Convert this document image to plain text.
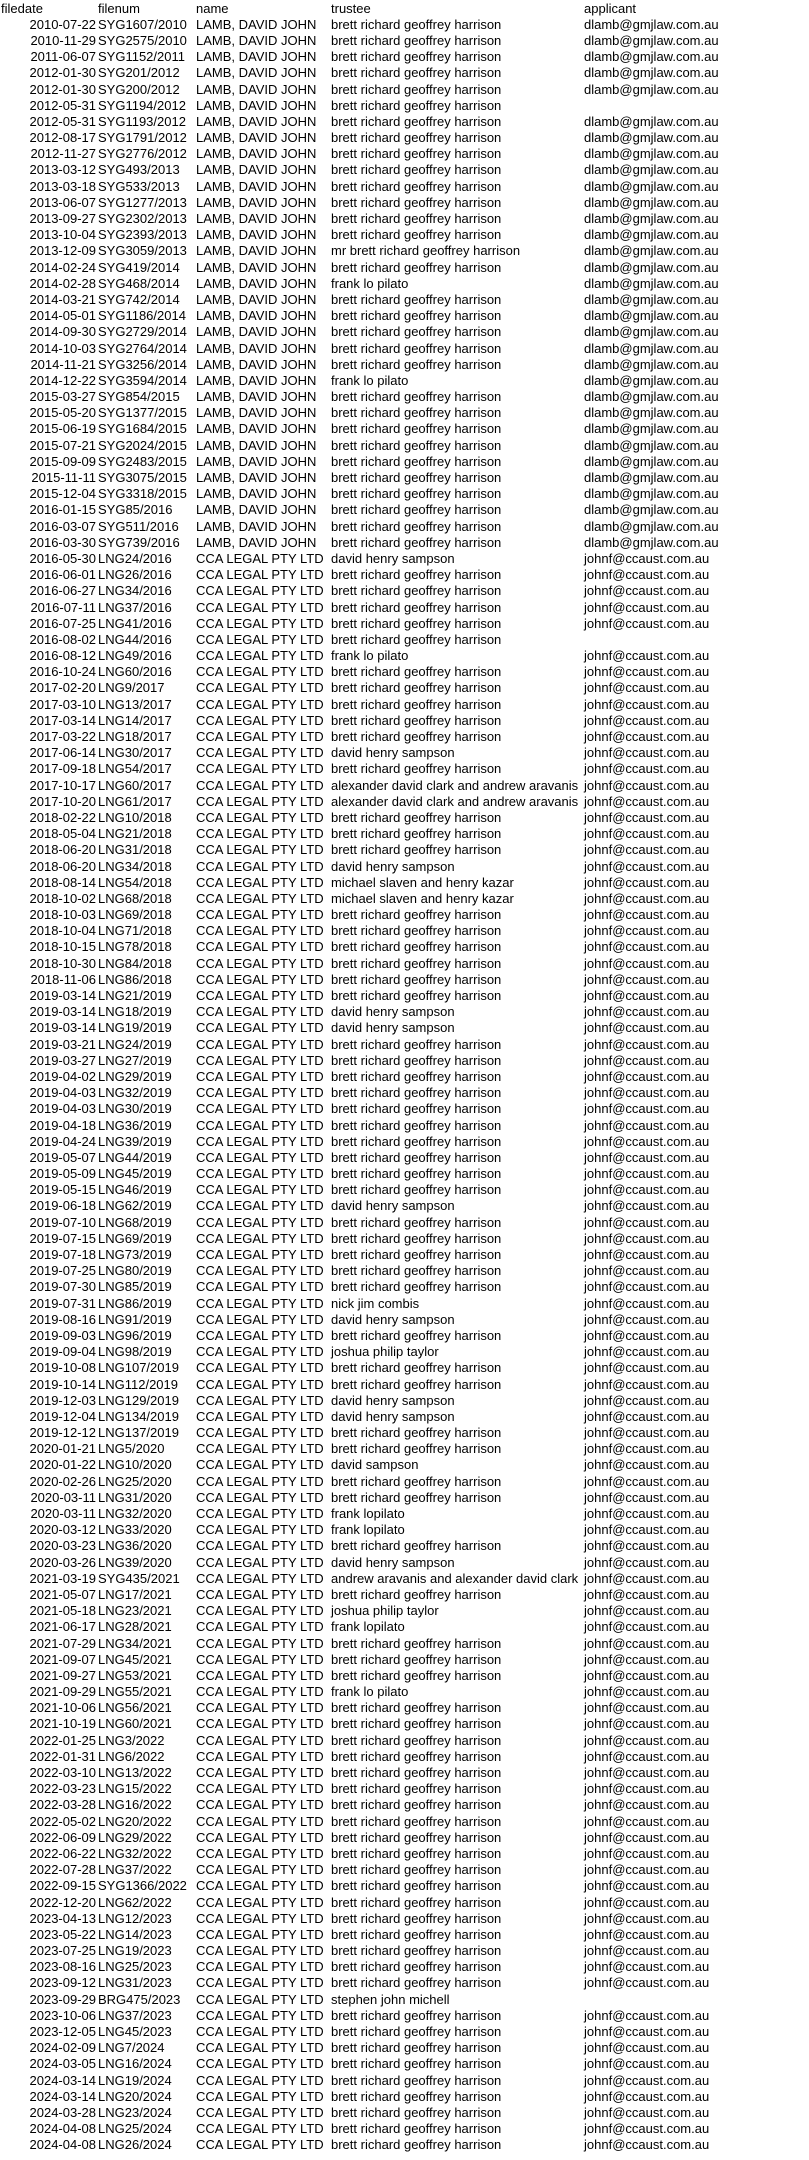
filedate	filenum	name	trustee	applicant
2010-07-22	SYG1607/2010	LAMB, DAVID JOHN	brett richard geoffrey harrison	dlamb@gmjlaw.com.au
2010-11-29	SYG2575/2010	LAMB, DAVID JOHN	brett richard geoffrey harrison	dlamb@gmjlaw.com.au
2011-06-07	SYG1152/2011	LAMB, DAVID JOHN	brett richard geoffrey harrison	dlamb@gmjlaw.com.au
2012-01-30	SYG201/2012	LAMB, DAVID JOHN	brett richard geoffrey harrison	dlamb@gmjlaw.com.au
2012-01-30	SYG200/2012	LAMB, DAVID JOHN	brett richard geoffrey harrison	dlamb@gmjlaw.com.au
2012-05-31	SYG1194/2012	LAMB, DAVID JOHN	brett richard geoffrey harrison	
2012-05-31	SYG1193/2012	LAMB, DAVID JOHN	brett richard geoffrey harrison	dlamb@gmjlaw.com.au
2012-08-17	SYG1791/2012	LAMB, DAVID JOHN	brett richard geoffrey harrison	dlamb@gmjlaw.com.au
2012-11-27	SYG2776/2012	LAMB, DAVID JOHN	brett richard geoffrey harrison	dlamb@gmjlaw.com.au
2013-03-12	SYG493/2013	LAMB, DAVID JOHN	brett richard geoffrey harrison	dlamb@gmjlaw.com.au
2013-03-18	SYG533/2013	LAMB, DAVID JOHN	brett richard geoffrey harrison	dlamb@gmjlaw.com.au
2013-06-07	SYG1277/2013	LAMB, DAVID JOHN	brett richard geoffrey harrison	dlamb@gmjlaw.com.au
2013-09-27	SYG2302/2013	LAMB, DAVID JOHN	brett richard geoffrey harrison	dlamb@gmjlaw.com.au
2013-10-04	SYG2393/2013	LAMB, DAVID JOHN	brett richard geoffrey harrison	dlamb@gmjlaw.com.au
2013-12-09	SYG3059/2013	LAMB, DAVID JOHN	mr brett richard geoffrey harrison	dlamb@gmjlaw.com.au
2014-02-24	SYG419/2014	LAMB, DAVID JOHN	brett richard geoffrey harrison	dlamb@gmjlaw.com.au
2014-02-28	SYG468/2014	LAMB, DAVID JOHN	frank lo pilato	dlamb@gmjlaw.com.au
2014-03-21	SYG742/2014	LAMB, DAVID JOHN	brett richard geoffrey harrison	dlamb@gmjlaw.com.au
2014-05-01	SYG1186/2014	LAMB, DAVID JOHN	brett richard geoffrey harrison	dlamb@gmjlaw.com.au
2014-09-30	SYG2729/2014	LAMB, DAVID JOHN	brett richard geoffrey harrison	dlamb@gmjlaw.com.au
2014-10-03	SYG2764/2014	LAMB, DAVID JOHN	brett richard geoffrey harrison	dlamb@gmjlaw.com.au
2014-11-21	SYG3256/2014	LAMB, DAVID JOHN	brett richard geoffrey harrison	dlamb@gmjlaw.com.au
2014-12-22	SYG3594/2014	LAMB, DAVID JOHN	frank lo pilato	dlamb@gmjlaw.com.au
2015-03-27	SYG854/2015	LAMB, DAVID JOHN	brett richard geoffrey harrison	dlamb@gmjlaw.com.au
2015-05-20	SYG1377/2015	LAMB, DAVID JOHN	brett richard geoffrey harrison	dlamb@gmjlaw.com.au
2015-06-19	SYG1684/2015	LAMB, DAVID JOHN	brett richard geoffrey harrison	dlamb@gmjlaw.com.au
2015-07-21	SYG2024/2015	LAMB, DAVID JOHN	brett richard geoffrey harrison	dlamb@gmjlaw.com.au
2015-09-09	SYG2483/2015	LAMB, DAVID JOHN	brett richard geoffrey harrison	dlamb@gmjlaw.com.au
2015-11-11	SYG3075/2015	LAMB, DAVID JOHN	brett richard geoffrey harrison	dlamb@gmjlaw.com.au
2015-12-04	SYG3318/2015	LAMB, DAVID JOHN	brett richard geoffrey harrison	dlamb@gmjlaw.com.au
2016-01-15	SYG85/2016	LAMB, DAVID JOHN	brett richard geoffrey harrison	dlamb@gmjlaw.com.au
2016-03-07	SYG511/2016	LAMB, DAVID JOHN	brett richard geoffrey harrison	dlamb@gmjlaw.com.au
2016-03-30	SYG739/2016	LAMB, DAVID JOHN	brett richard geoffrey harrison	dlamb@gmjlaw.com.au
2016-05-30	LNG24/2016	CCA LEGAL PTY LTD	david henry sampson	johnf@ccaust.com.au
2016-06-01	LNG26/2016	CCA LEGAL PTY LTD	brett richard geoffrey harrison	johnf@ccaust.com.au
2016-06-27	LNG34/2016	CCA LEGAL PTY LTD	brett richard geoffrey harrison	johnf@ccaust.com.au
2016-07-11	LNG37/2016	CCA LEGAL PTY LTD	brett richard geoffrey harrison	johnf@ccaust.com.au
2016-07-25	LNG41/2016	CCA LEGAL PTY LTD	brett richard geoffrey harrison	johnf@ccaust.com.au
2016-08-02	LNG44/2016	CCA LEGAL PTY LTD	brett richard geoffrey harrison	
2016-08-12	LNG49/2016	CCA LEGAL PTY LTD	frank lo pilato	johnf@ccaust.com.au
2016-10-24	LNG60/2016	CCA LEGAL PTY LTD	brett richard geoffrey harrison	johnf@ccaust.com.au
2017-02-20	LNG9/2017	CCA LEGAL PTY LTD	brett richard geoffrey harrison	johnf@ccaust.com.au
2017-03-10	LNG13/2017	CCA LEGAL PTY LTD	brett richard geoffrey harrison	johnf@ccaust.com.au
2017-03-14	LNG14/2017	CCA LEGAL PTY LTD	brett richard geoffrey harrison	johnf@ccaust.com.au
2017-03-22	LNG18/2017	CCA LEGAL PTY LTD	brett richard geoffrey harrison	johnf@ccaust.com.au
2017-06-14	LNG30/2017	CCA LEGAL PTY LTD	david henry sampson	johnf@ccaust.com.au
2017-09-18	LNG54/2017	CCA LEGAL PTY LTD	brett richard geoffrey harrison	johnf@ccaust.com.au
2017-10-17	LNG60/2017	CCA LEGAL PTY LTD	alexander david clark and andrew aravanis	johnf@ccaust.com.au
2017-10-20	LNG61/2017	CCA LEGAL PTY LTD	alexander david clark and andrew aravanis	johnf@ccaust.com.au
2018-02-22	LNG10/2018	CCA LEGAL PTY LTD	brett richard geoffrey harrison	johnf@ccaust.com.au
2018-05-04	LNG21/2018	CCA LEGAL PTY LTD	brett richard geoffrey harrison	johnf@ccaust.com.au
2018-06-20	LNG31/2018	CCA LEGAL PTY LTD	brett richard geoffrey harrison	johnf@ccaust.com.au
2018-06-20	LNG34/2018	CCA LEGAL PTY LTD	david henry sampson	johnf@ccaust.com.au
2018-08-14	LNG54/2018	CCA LEGAL PTY LTD	michael slaven and henry kazar	johnf@ccaust.com.au
2018-10-02	LNG68/2018	CCA LEGAL PTY LTD	michael slaven and henry kazar	johnf@ccaust.com.au
2018-10-03	LNG69/2018	CCA LEGAL PTY LTD	brett richard geoffrey harrison	johnf@ccaust.com.au
2018-10-04	LNG71/2018	CCA LEGAL PTY LTD	brett richard geoffrey harrison	johnf@ccaust.com.au
2018-10-15	LNG78/2018	CCA LEGAL PTY LTD	brett richard geoffrey harrison	johnf@ccaust.com.au
2018-10-30	LNG84/2018	CCA LEGAL PTY LTD	brett richard geoffrey harrison	johnf@ccaust.com.au
2018-11-06	LNG86/2018	CCA LEGAL PTY LTD	brett richard geoffrey harrison	johnf@ccaust.com.au
2019-03-14	LNG21/2019	CCA LEGAL PTY LTD	brett richard geoffrey harrison	johnf@ccaust.com.au
2019-03-14	LNG18/2019	CCA LEGAL PTY LTD	david henry sampson	johnf@ccaust.com.au
2019-03-14	LNG19/2019	CCA LEGAL PTY LTD	david henry sampson	johnf@ccaust.com.au
2019-03-21	LNG24/2019	CCA LEGAL PTY LTD	brett richard geoffrey harrison	johnf@ccaust.com.au
2019-03-27	LNG27/2019	CCA LEGAL PTY LTD	brett richard geoffrey harrison	johnf@ccaust.com.au
2019-04-02	LNG29/2019	CCA LEGAL PTY LTD	brett richard geoffrey harrison	johnf@ccaust.com.au
2019-04-03	LNG32/2019	CCA LEGAL PTY LTD	brett richard geoffrey harrison	johnf@ccaust.com.au
2019-04-03	LNG30/2019	CCA LEGAL PTY LTD	brett richard geoffrey harrison	johnf@ccaust.com.au
2019-04-18	LNG36/2019	CCA LEGAL PTY LTD	brett richard geoffrey harrison	johnf@ccaust.com.au
2019-04-24	LNG39/2019	CCA LEGAL PTY LTD	brett richard geoffrey harrison	johnf@ccaust.com.au
2019-05-07	LNG44/2019	CCA LEGAL PTY LTD	brett richard geoffrey harrison	johnf@ccaust.com.au
2019-05-09	LNG45/2019	CCA LEGAL PTY LTD	brett richard geoffrey harrison	johnf@ccaust.com.au
2019-05-15	LNG46/2019	CCA LEGAL PTY LTD	brett richard geoffrey harrison	johnf@ccaust.com.au
2019-06-18	LNG62/2019	CCA LEGAL PTY LTD	david henry sampson	johnf@ccaust.com.au
2019-07-10	LNG68/2019	CCA LEGAL PTY LTD	brett richard geoffrey harrison	johnf@ccaust.com.au
2019-07-15	LNG69/2019	CCA LEGAL PTY LTD	brett richard geoffrey harrison	johnf@ccaust.com.au
2019-07-18	LNG73/2019	CCA LEGAL PTY LTD	brett richard geoffrey harrison	johnf@ccaust.com.au
2019-07-25	LNG80/2019	CCA LEGAL PTY LTD	brett richard geoffrey harrison	johnf@ccaust.com.au
2019-07-30	LNG85/2019	CCA LEGAL PTY LTD	brett richard geoffrey harrison	johnf@ccaust.com.au
2019-07-31	LNG86/2019	CCA LEGAL PTY LTD	nick jim combis	johnf@ccaust.com.au
2019-08-16	LNG91/2019	CCA LEGAL PTY LTD	david henry sampson	johnf@ccaust.com.au
2019-09-03	LNG96/2019	CCA LEGAL PTY LTD	brett richard geoffrey harrison	johnf@ccaust.com.au
2019-09-04	LNG98/2019	CCA LEGAL PTY LTD	joshua philip taylor	johnf@ccaust.com.au
2019-10-08	LNG107/2019	CCA LEGAL PTY LTD	brett richard geoffrey harrison	johnf@ccaust.com.au
2019-10-14	LNG112/2019	CCA LEGAL PTY LTD	brett richard geoffrey harrison	johnf@ccaust.com.au
2019-12-03	LNG129/2019	CCA LEGAL PTY LTD	david henry sampson	johnf@ccaust.com.au
2019-12-04	LNG134/2019	CCA LEGAL PTY LTD	david henry sampson	johnf@ccaust.com.au
2019-12-12	LNG137/2019	CCA LEGAL PTY LTD	brett richard geoffrey harrison	johnf@ccaust.com.au
2020-01-21	LNG5/2020	CCA LEGAL PTY LTD	brett richard geoffrey harrison	johnf@ccaust.com.au
2020-01-22	LNG10/2020	CCA LEGAL PTY LTD	david sampson	johnf@ccaust.com.au
2020-02-26	LNG25/2020	CCA LEGAL PTY LTD	brett richard geoffrey harrison	johnf@ccaust.com.au
2020-03-11	LNG31/2020	CCA LEGAL PTY LTD	brett richard geoffrey harrison	johnf@ccaust.com.au
2020-03-11	LNG32/2020	CCA LEGAL PTY LTD	frank lopilato	johnf@ccaust.com.au
2020-03-12	LNG33/2020	CCA LEGAL PTY LTD	frank lopilato	johnf@ccaust.com.au
2020-03-23	LNG36/2020	CCA LEGAL PTY LTD	brett richard geoffrey harrison	johnf@ccaust.com.au
2020-03-26	LNG39/2020	CCA LEGAL PTY LTD	david henry sampson	johnf@ccaust.com.au
2021-03-19	SYG435/2021	CCA LEGAL PTY LTD	andrew aravanis and alexander david clark	johnf@ccaust.com.au
2021-05-07	LNG17/2021	CCA LEGAL PTY LTD	brett richard geoffrey harrison	johnf@ccaust.com.au
2021-05-18	LNG23/2021	CCA LEGAL PTY LTD	joshua philip taylor	johnf@ccaust.com.au
2021-06-17	LNG28/2021	CCA LEGAL PTY LTD	frank lopilato	johnf@ccaust.com.au
2021-07-29	LNG34/2021	CCA LEGAL PTY LTD	brett richard geoffrey harrison	johnf@ccaust.com.au
2021-09-07	LNG45/2021	CCA LEGAL PTY LTD	brett richard geoffrey harrison	johnf@ccaust.com.au
2021-09-27	LNG53/2021	CCA LEGAL PTY LTD	brett richard geoffrey harrison	johnf@ccaust.com.au
2021-09-29	LNG55/2021	CCA LEGAL PTY LTD	frank lo pilato	johnf@ccaust.com.au
2021-10-06	LNG56/2021	CCA LEGAL PTY LTD	brett richard geoffrey harrison	johnf@ccaust.com.au
2021-10-19	LNG60/2021	CCA LEGAL PTY LTD	brett richard geoffrey harrison	johnf@ccaust.com.au
2022-01-25	LNG3/2022	CCA LEGAL PTY LTD	brett richard geoffrey harrison	johnf@ccaust.com.au
2022-01-31	LNG6/2022	CCA LEGAL PTY LTD	brett richard geoffrey harrison	johnf@ccaust.com.au
2022-03-10	LNG13/2022	CCA LEGAL PTY LTD	brett richard geoffrey harrison	johnf@ccaust.com.au
2022-03-23	LNG15/2022	CCA LEGAL PTY LTD	brett richard geoffrey harrison	johnf@ccaust.com.au
2022-03-28	LNG16/2022	CCA LEGAL PTY LTD	brett richard geoffrey harrison	johnf@ccaust.com.au
2022-05-02	LNG20/2022	CCA LEGAL PTY LTD	brett richard geoffrey harrison	johnf@ccaust.com.au
2022-06-09	LNG29/2022	CCA LEGAL PTY LTD	brett richard geoffrey harrison	johnf@ccaust.com.au
2022-06-22	LNG32/2022	CCA LEGAL PTY LTD	brett richard geoffrey harrison	johnf@ccaust.com.au
2022-07-28	LNG37/2022	CCA LEGAL PTY LTD	brett richard geoffrey harrison	johnf@ccaust.com.au
2022-09-15	SYG1366/2022	CCA LEGAL PTY LTD	brett richard geoffrey harrison	johnf@ccaust.com.au
2022-12-20	LNG62/2022	CCA LEGAL PTY LTD	brett richard geoffrey harrison	johnf@ccaust.com.au
2023-04-13	LNG12/2023	CCA LEGAL PTY LTD	brett richard geoffrey harrison	johnf@ccaust.com.au
2023-05-22	LNG14/2023	CCA LEGAL PTY LTD	brett richard geoffrey harrison	johnf@ccaust.com.au
2023-07-25	LNG19/2023	CCA LEGAL PTY LTD	brett richard geoffrey harrison	johnf@ccaust.com.au
2023-08-16	LNG25/2023	CCA LEGAL PTY LTD	brett richard geoffrey harrison	johnf@ccaust.com.au
2023-09-12	LNG31/2023	CCA LEGAL PTY LTD	brett richard geoffrey harrison	johnf@ccaust.com.au
2023-09-29	BRG475/2023	CCA LEGAL PTY LTD	stephen john michell	
2023-10-06	LNG37/2023	CCA LEGAL PTY LTD	brett richard geoffrey harrison	johnf@ccaust.com.au
2023-12-05	LNG45/2023	CCA LEGAL PTY LTD	brett richard geoffrey harrison	johnf@ccaust.com.au
2024-02-09	LNG7/2024	CCA LEGAL PTY LTD	brett richard geoffrey harrison	johnf@ccaust.com.au
2024-03-05	LNG16/2024	CCA LEGAL PTY LTD	brett richard geoffrey harrison	johnf@ccaust.com.au
2024-03-14	LNG19/2024	CCA LEGAL PTY LTD	brett richard geoffrey harrison	johnf@ccaust.com.au
2024-03-14	LNG20/2024	CCA LEGAL PTY LTD	brett richard geoffrey harrison	johnf@ccaust.com.au
2024-03-28	LNG23/2024	CCA LEGAL PTY LTD	brett richard geoffrey harrison	johnf@ccaust.com.au
2024-04-08	LNG25/2024	CCA LEGAL PTY LTD	brett richard geoffrey harrison	johnf@ccaust.com.au
2024-04-08	LNG26/2024	CCA LEGAL PTY LTD	brett richard geoffrey harrison	johnf@ccaust.com.au
